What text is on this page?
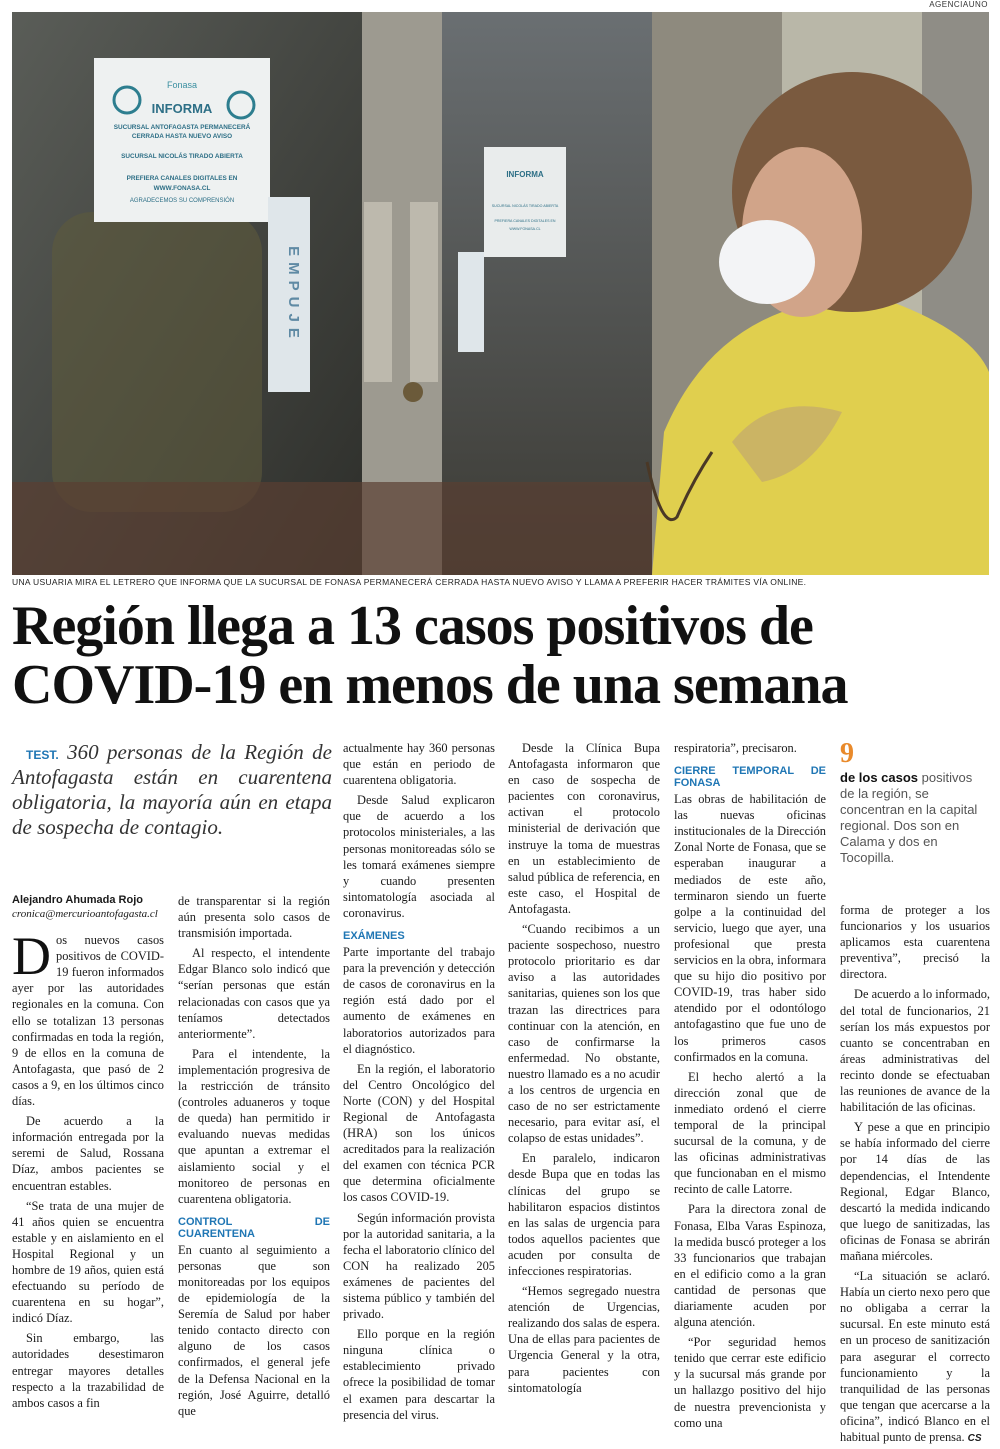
AGENCIAUNO
Fonasa
INFORMA
SUCURSAL ANTOFAGASTA PERMANECERÁ
CERRADA HASTA NUEVO AVISO
SUCURSAL NICOLÁS TIRADO ABIERTA
PREFIERA CANALES DIGITALES EN
WWW.FONASA.CL
AGRADECEMOS SU COMPRENSIÓN
INFORMA
SUCURSAL NICOLÁS TIRADO ABIERTA
PREFIERA CANALES DIGITALES EN
WWW.FONASA.CL
EMPUJE
UNA USUARIA MIRA EL LETRERO QUE INFORMA QUE LA SUCURSAL DE FONASA PERMANECERÁ CERRADA HASTA NUEVO AVISO Y LLAMA A PREFERIR HACER TRÁMITES VÍA ONLINE.
Región llega a 13 casos positivos de COVID-19 en menos de una semana

TEST. 360 personas de la Región de Antofagasta están en cuarentena obligatoria, la mayoría aún en etapa de sospecha de contagio.

Alejandro Ahumada Rojo
cronica@mercurioantofagasta.cl

Dos nuevos casos positivos de COVID-19 fueron informados ayer por las autoridades regionales en la comuna. Con ello se totalizan 13 personas confirmadas en toda la región, 9 de ellos en la comuna de Antofagasta, que pasó de 2 casos a 9, en los últimos cinco días.

De acuerdo a la información entregada por la seremi de Salud, Rossana Díaz, ambos pacientes se encuentran estables.

“Se trata de una mujer de 41 años quien se encuentra estable y en aislamiento en el Hospital Regional y un hombre de 19 años, quien está efectuando su período de cuarentena en su hogar”, indicó Díaz.

Sin embargo, las autoridades desestimaron entregar mayores detalles respecto a la trazabilidad de ambos casos a fin

de transparentar si la región aún presenta solo casos de transmisión importada.

Al respecto, el intendente Edgar Blanco solo indicó que “serían personas que están relacionadas con casos que ya teníamos detectados anteriormente”.

Para el intendente, la implementación progresiva de la restricción de tránsito (controles aduaneros y toque de queda) han permitido ir evaluando nuevas medidas que apuntan a extremar el aislamiento social y el monitoreo de personas en cuarentena obligatoria.

CONTROL DE CUARENTENA

En cuanto al seguimiento a personas que son monitoreadas por los equipos de epidemiología de la Seremía de Salud por haber tenido contacto directo con alguno de los casos confirmados, el general jefe de la Defensa Nacional en la región, José Aguirre, detalló que

actualmente hay 360 personas que están en periodo de cuarentena obligatoria.

Desde Salud explicaron que de acuerdo a los protocolos ministeriales, a las personas monitoreadas sólo se les tomará exámenes siempre y cuando presenten sintomatología asociada al coronavirus.

EXÁMENES

Parte importante del trabajo para la prevención y detección de casos de coronavirus en la región está dado por el aumento de exámenes en laboratorios autorizados para el diagnóstico.

En la región, el laboratorio del Centro Oncológico del Norte (CON) y del Hospital Regional de Antofagasta (HRA) son los únicos acreditados para la realización del examen con técnica PCR que determina oficialmente los casos COVID-19.

Según información provista por la autoridad sanitaria, a la fecha el laboratorio clínico del CON ha realizado 205 exámenes de pacientes del sistema público y también del privado.

Ello porque en la región ninguna clínica o establecimiento privado ofrece la posibilidad de tomar el examen para descartar la presencia del virus.

Desde la Clínica Bupa Antofagasta informaron que en caso de sospecha de pacientes con coronavirus, activan el protocolo ministerial de derivación que instruye la toma de muestras en un establecimiento de salud pública de referencia, en este caso, el Hospital de Antofagasta.

“Cuando recibimos a un paciente sospechoso, nuestro protocolo prioritario es dar aviso a las autoridades sanitarias, quienes son los que trazan las directrices para continuar con la atención, en caso de confirmarse la enfermedad. No obstante, nuestro llamado es a no acudir a los centros de urgencia en caso de no ser estrictamente necesario, para evitar así, el colapso de estas unidades”.

En paralelo, indicaron desde Bupa que en todas las clínicas del grupo se habilitaron espacios distintos en las salas de urgencia para todos aquellos pacientes que acuden por consulta de infecciones respiratorias.

“Hemos segregado nuestra atención de Urgencias, realizando dos salas de espera. Una de ellas para pacientes de Urgencia General y la otra, para pacientes con sintomatología

respiratoria”, precisaron.

CIERRE TEMPORAL DE FONASA

Las obras de habilitación de las nuevas oficinas institucionales de la Dirección Zonal Norte de Fonasa, que se esperaban inaugurar a mediados de este año, terminaron siendo un fuerte golpe a la continuidad del servicio, luego que ayer, una profesional que presta servicios en la obra, informara que su hijo dio positivo por COVID-19, tras haber sido atendido por el odontólogo antofagastino que fue uno de los primeros casos confirmados en la comuna.

El hecho alertó a la dirección zonal que de inmediato ordenó el cierre temporal de la principal sucursal de la comuna, y de las oficinas administrativas que funcionaban en el mismo recinto de calle Latorre.

Para la directora zonal de Fonasa, Elba Varas Espinoza, la medida buscó proteger a los 33 funcionarios que trabajan en el edificio como a la gran cantidad de personas que diariamente acuden por alguna atención.

“Por seguridad hemos tenido que cerrar este edificio y la sucursal más grande por un hallazgo positivo del hijo de nuestra prevencionista y como una

9
de los casos positivos de la región, se concentran en la capital regional. Dos son en Calama y dos en Tocopilla.

forma de proteger a los funcionarios y los usuarios aplicamos esta cuarentena preventiva”, precisó la directora.

De acuerdo a lo informado, del total de funcionarios, 21 serían los más expuestos por cuanto se concentraban en áreas administrativas del recinto donde se efectuaban las reuniones de avance de la habilitación de las oficinas.

Y pese a que en principio se había informado del cierre por 14 días de las dependencias, el Intendente Regional, Edgar Blanco, descartó la medida indicando que luego de sanitizadas, las oficinas de Fonasa se abrirán mañana miércoles.

“La situación se aclaró. Había un cierto nexo pero que no obligaba a cerrar la sucursal. En este minuto está en un proceso de sanitización para asegurar el correcto funcionamiento y la tranquilidad de las personas que tengan que acercarse a la oficina”, indicó Blanco en el habitual punto de prensa. CS
